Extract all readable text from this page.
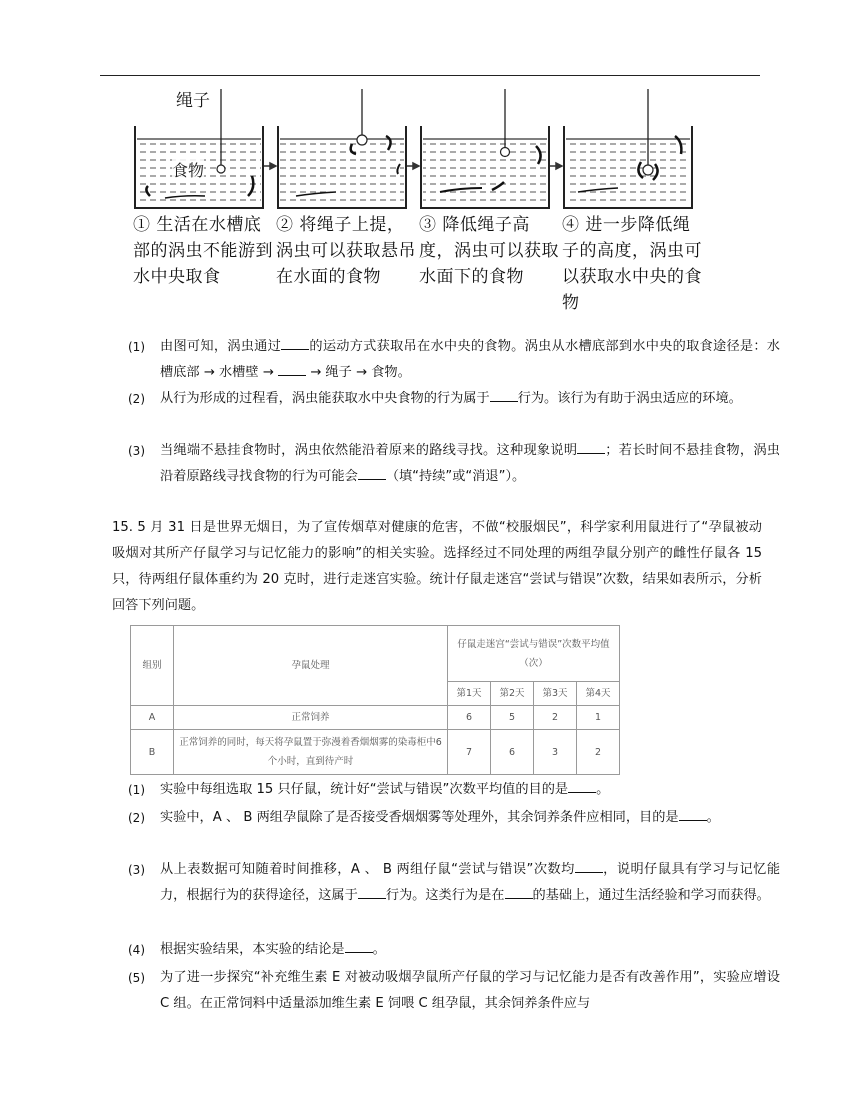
绳子
食物
① 生活在水槽底部的涡虫不能游到水中央取食
② 将绳子上提，涡虫可以获取悬吊在水面的食物
③ 降低绳子高度，涡虫可以获取水面下的食物
④ 进一步降低绳子的高度，涡虫可以获取水中央的食物
(1) 由图可知，涡虫通过 的运动方式获取吊在水中央的食物。涡虫从水槽底部到水中央的取食途径是：水槽底部 → 水槽壁 →  → 绳子 → 食物。
(2) 从行为形成的过程看，涡虫能获取水中央食物的行为属于 行为。该行为有助于涡虫适应的环境。
(3) 当绳端不悬挂食物时，涡虫依然能沿着原来的路线寻找。这种现象说明 ；若长时间不悬挂食物，涡虫沿着原路线寻找食物的行为可能会 （填“持续”或“消退”）。
15. 5 月 31 日是世界无烟日，为了宣传烟草对健康的危害，不做“校服烟民”，科学家利用鼠进行了“孕鼠被动吸烟对其所产仔鼠学习与记忆能力的影响”的相关实验。选择经过不同处理的两组孕鼠分别产的雌性仔鼠各 15 只，待两组仔鼠体重约为 20 克时，进行走迷宫实验。统计仔鼠走迷宫“尝试与错误”次数，结果如表所示，分析回答下列问题。
组别	孕鼠处理	仔鼠走迷宫“尝试与错误”次数平均值（次）			
		第1天	第2天	第3天	第4天
A	正常饲养	6	5	2	1
B	正常饲养的同时，每天将孕鼠置于弥漫着香烟烟雾的染毒柜中6个小时，直到待产时	7	6	3	2
(1) 实验中每组选取 15 只仔鼠，统计好“尝试与错误”次数平均值的目的是 。
(2) 实验中，A 、 B 两组孕鼠除了是否接受香烟烟雾等处理外，其余饲养条件应相同，目的是 。
(3) 从上表数据可知随着时间推移，A 、 B 两组仔鼠“尝试与错误”次数均 ，说明仔鼠具有学习与记忆能力，根据行为的获得途径，这属于 行为。这类行为是在 的基础上，通过生活经验和学习而获得。
(4) 根据实验结果，本实验的结论是 。
(5) 为了进一步探究“补充维生素 E 对被动吸烟孕鼠所产仔鼠的学习与记忆能力是否有改善作用”，实验应增设 C 组。在正常饲料中适量添加维生素 E 饲喂 C 组孕鼠，其余饲养条件应与
